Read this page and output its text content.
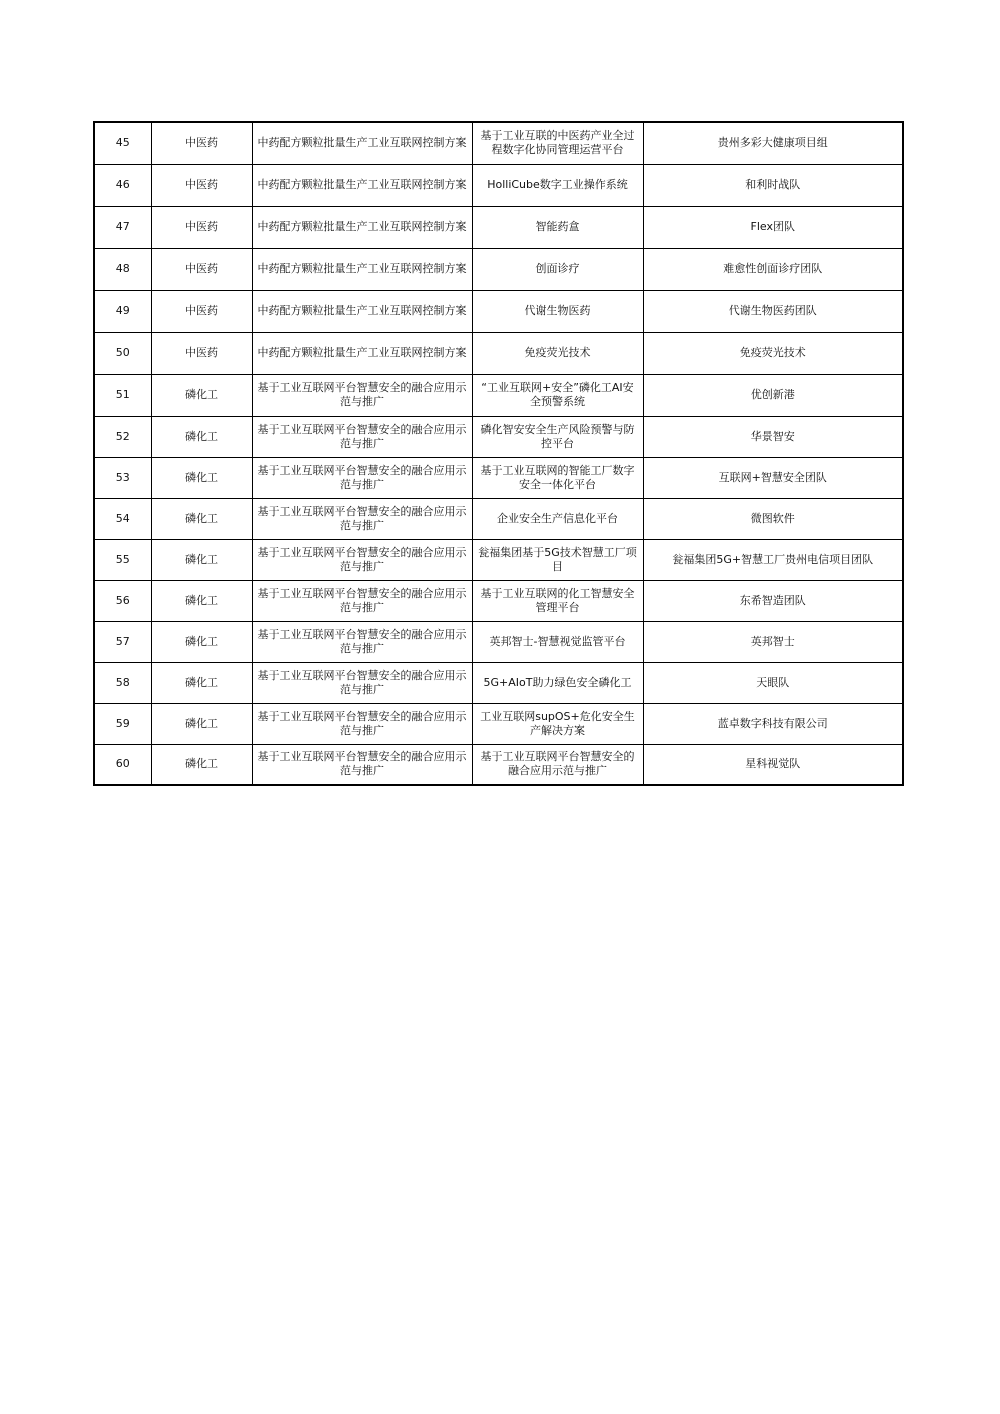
45	中医药	中药配方颗粒批量生产工业互联网控制方案	基于工业互联的中医药产业全过程数字化协同管理运营平台	贵州多彩大健康项目组
46	中医药	中药配方颗粒批量生产工业互联网控制方案	HolliCube数字工业操作系统	和利时战队
47	中医药	中药配方颗粒批量生产工业互联网控制方案	智能药盒	Flex团队
48	中医药	中药配方颗粒批量生产工业互联网控制方案	创面诊疗	难愈性创面诊疗团队
49	中医药	中药配方颗粒批量生产工业互联网控制方案	代谢生物医药	代谢生物医药团队
50	中医药	中药配方颗粒批量生产工业互联网控制方案	免疫荧光技术	免疫荧光技术
51	磷化工	基于工业互联网平台智慧安全的融合应用示范与推广	“工业互联网+安全”磷化工AI安全预警系统	优创新港
52	磷化工	基于工业互联网平台智慧安全的融合应用示范与推广	磷化智安安全生产风险预警与防控平台	华景智安
53	磷化工	基于工业互联网平台智慧安全的融合应用示范与推广	基于工业互联网的智能工厂数字安全一体化平台	互联网+智慧安全团队
54	磷化工	基于工业互联网平台智慧安全的融合应用示范与推广	企业安全生产信息化平台	微图软件
55	磷化工	基于工业互联网平台智慧安全的融合应用示范与推广	瓮福集团基于5G技术智慧工厂项目	瓮福集团5G+智慧工厂贵州电信项目团队
56	磷化工	基于工业互联网平台智慧安全的融合应用示范与推广	基于工业互联网的化工智慧安全管理平台	东希智造团队
57	磷化工	基于工业互联网平台智慧安全的融合应用示范与推广	英邦智士-智慧视觉监管平台	英邦智士
58	磷化工	基于工业互联网平台智慧安全的融合应用示范与推广	5G+AIoT助力绿色安全磷化工	天眼队
59	磷化工	基于工业互联网平台智慧安全的融合应用示范与推广	工业互联网supOS+危化安全生产解决方案	蓝卓数字科技有限公司
60	磷化工	基于工业互联网平台智慧安全的融合应用示范与推广	基于工业互联网平台智慧安全的融合应用示范与推广	星科视觉队
